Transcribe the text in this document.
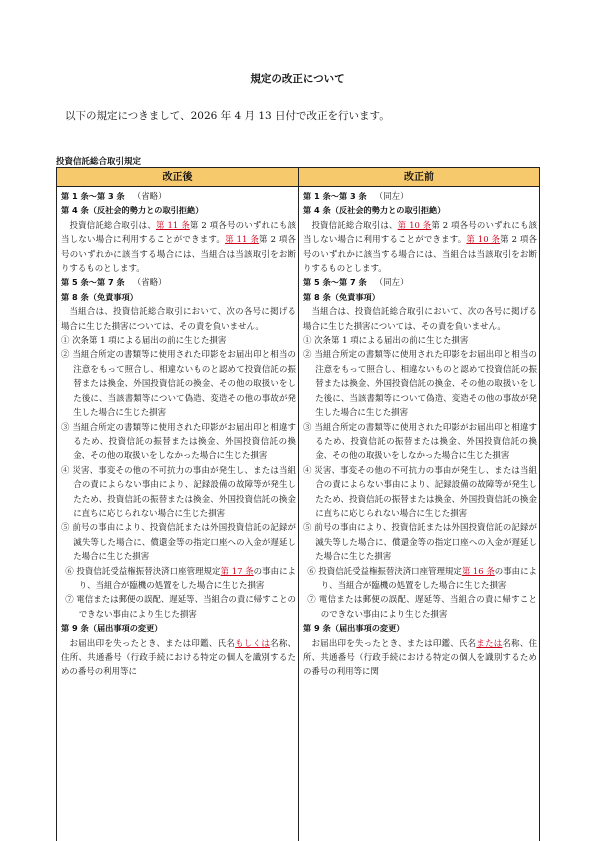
規定の改正について
以下の規定につきまして、2026 年 4 月 13 日付で改正を行います。
投資信託総合取引規定
改正後

第 1 条～第 3 条 （省略）

第 4 条（反社会的勢力との取引拒絶）

投資信託総合取引は、第 11 条第 2 項各号のいずれにも該当しない場合に利用することができます。第 11 条第 2 項各号のいずれかに該当する場合には、当組合は当該取引をお断りするものとします。

第 5 条～第 7 条 （省略）

第 8 条（免責事項）

当組合は、投資信託総合取引において、次の各号に掲げる場合に生じた損害については、その責を負いません。

① 次条第 1 項による届出の前に生じた損害

② 当組合所定の書類等に使用された印影をお届出印と相当の注意をもって照合し、相違ないものと認めて投資信託の振替または換金、外国投資信託の換金、その他の取扱いをした後に、当該書類等について偽造、変造その他の事故が発生した場合に生じた損害

③ 当組合所定の書類等に使用された印影がお届出印と相違するため、投資信託の振替または換金、外国投資信託の換金、その他の取扱いをしなかった場合に生じた損害

④ 災害、事変その他の不可抗力の事由が発生し、または当組合の責によらない事由により、記録設備の故障等が発生したため、投資信託の振替または換金、外国投資信託の換金に直ちに応じられない場合に生じた損害

⑤ 前号の事由により、投資信託または外国投資信託の記録が滅失等した場合に、償還金等の指定口座への入金が遅延した場合に生じた損害

⑥ 投資信託受益権振替決済口座管理規定第 17 条の事由により、当組合が臨機の処置をした場合に生じた損害

⑦ 電信または郵便の誤配、遅延等、当組合の責に帰すことのできない事由により生じた損害

第 9 条（届出事項の変更）

お届出印を失ったとき、または印鑑、氏名もしくは名称、住所、共通番号（行政手続における特定の個人を識別するための番号の利用等に

改正前

第 1 条～第 3 条 （同左）

第 4 条（反社会的勢力との取引拒絶）

投資信託総合取引は、第 10 条第 2 項各号のいずれにも該当しない場合に利用することができます。第 10 条第 2 項各号のいずれかに該当する場合には、当組合は当該取引をお断りするものとします。

第 5 条～第 7 条 （同左）

第 8 条（免責事項）

当組合は、投資信託総合取引において、次の各号に掲げる場合に生じた損害については、その責を負いません。

① 次条第 1 項による届出の前に生じた損害

② 当組合所定の書類等に使用された印影をお届出印と相当の注意をもって照合し、相違ないものと認めて投資信託の振替または換金、外国投資信託の換金、その他の取扱いをした後に、当該書類等について偽造、変造その他の事故が発生した場合に生じた損害

③ 当組合所定の書類等に使用された印影がお届出印と相違するため、投資信託の振替または換金、外国投資信託の換金、その他の取扱いをしなかった場合に生じた損害

④ 災害、事変その他の不可抗力の事由が発生し、または当組合の責によらない事由により、記録設備の故障等が発生したため、投資信託の振替または換金、外国投資信託の換金に直ちに応じられない場合に生じた損害

⑤ 前号の事由により、投資信託または外国投資信託の記録が滅失等した場合に、償還金等の指定口座への入金が遅延した場合に生じた損害

⑥ 投資信託受益権振替決済口座管理規定第 16 条の事由により、当組合が臨機の処置をした場合に生じた損害

⑦ 電信または郵便の誤配、遅延等、当組合の責に帰すことのできない事由により生じた損害

第 9 条（届出事項の変更）

お届出印を失ったとき、または印鑑、氏名または名称、住所、共通番号（行政手続における特定の個人を識別するための番号の利用等に関
